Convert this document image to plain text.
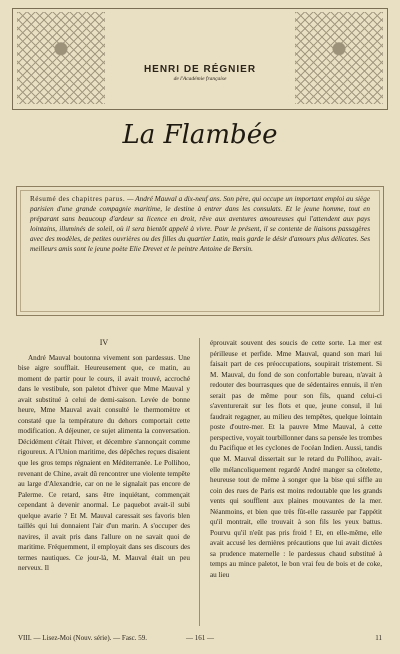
HENRI DE RÉGNIER
de l'Académie française
La Flambée
Résumé des chapitres parus. — André Mauval a dix-neuf ans. Son père, qui occupe un important emploi au siège parisien d'une grande compagnie maritime, le destine à entrer dans les consulats. Et le jeune homme, tout en préparant sans beaucoup d'ardeur sa licence en droit, rêve aux aventures amoureuses qui l'attendent aux pays lointains, illuminés de soleil, où il sera bientôt appelé à vivre. Pour le présent, il se contente de liaisons passagères avec des modèles, de petites ouvrières ou des filles du quartier Latin, mais garde le désir d'amours plus délicates. Ses meilleurs amis sont le jeune poète Elie Drevet et le peintre Antoine de Bersin.
IV

André Mauval boutonna vivement son pardessus. Une bise aigre soufflait. Heureusement que, ce matin, au moment de partir pour le cours, il avait trouvé, accroché dans le vestibule, son paletot d'hiver que Mme Mauval y avait substitué à celui de demi-saison. Levée de bonne heure, Mme Mauval avait consulté le thermomètre et constaté que la température du dehors comportait cette modification. A déjeuner, ce sujet alimenta la conversation. Décidément c'était l'hiver, et décembre s'annonçait comme rigoureux. A l'Union maritime, des dépêches reçues disaient que les gros temps régnaient en Méditerranée. Le Pollihoo, revenant de Chine, avait dû rencontrer une violente tempête au large d'Alexandrie, car on ne le signalait pas encore de Palerme. Ce retard, sans être inquiétant, commençait cependant à devenir anormal. Le paquebot avait-il subi quelque avarie ? Et M. Mauval caressait ses favoris blen taillés qui lui donnaient l'air d'un marin. A s'occuper des navires, il avait pris dans l'allure on ne savait quoi de maritime. Fréquemment, il employait dans ses discours des termes nautiques. Ce jour-là, M. Mauval était un peu nerveux. Il

éprouvait souvent des soucis de cette sorte. La mer est périlleuse et perfide. Mme Mauval, quand son mari lui faisait part de ces préoccupations, soupirait tristement. Si M. Mauval, du fond de son confortable bureau, n'avait à redouter des bourrasques que de sédentaires ennuis, il n'en serait pas de même pour son fils, quand celui-ci s'aventurerait sur les flots et que, jeune consul, il lui faudrait regagner, au milieu des tempêtes, quelque lointain poste d'outre-mer. Et la pauvre Mme Mauval, à cette perspective, voyait tourbillonner dans sa pensée les trombes du Pacifique et les cyclones de l'océan Indien. Aussi, tandis que M. Mauval dissertait sur le retard du Pollihoo, avait-elle mélancoliquement regardé André manger sa côtelette, heureuse tout de même à songer que la bise qui siffle au coin des rues de Paris est moins redoutable que les grands vents qui soufflent aux plaines mouvantes de la mer. Néanmoins, et bien que très fût-elle rassurée par l'appétit qu'il montrait, elle trouvait à son fils les yeux battus. Pourvu qu'il n'eût pas pris froid ! Et, en elle-même, elle avait accusé les dernières précautions que lui avait dictées sa prudence maternelle : le pardessus chaud substitué à temps au mince paletot, le bon vrai feu de bois et de coke, au lieu

VIII. — Lisez-Moi (Nouv. série). — Fasc. 59.	— 161 —	11
